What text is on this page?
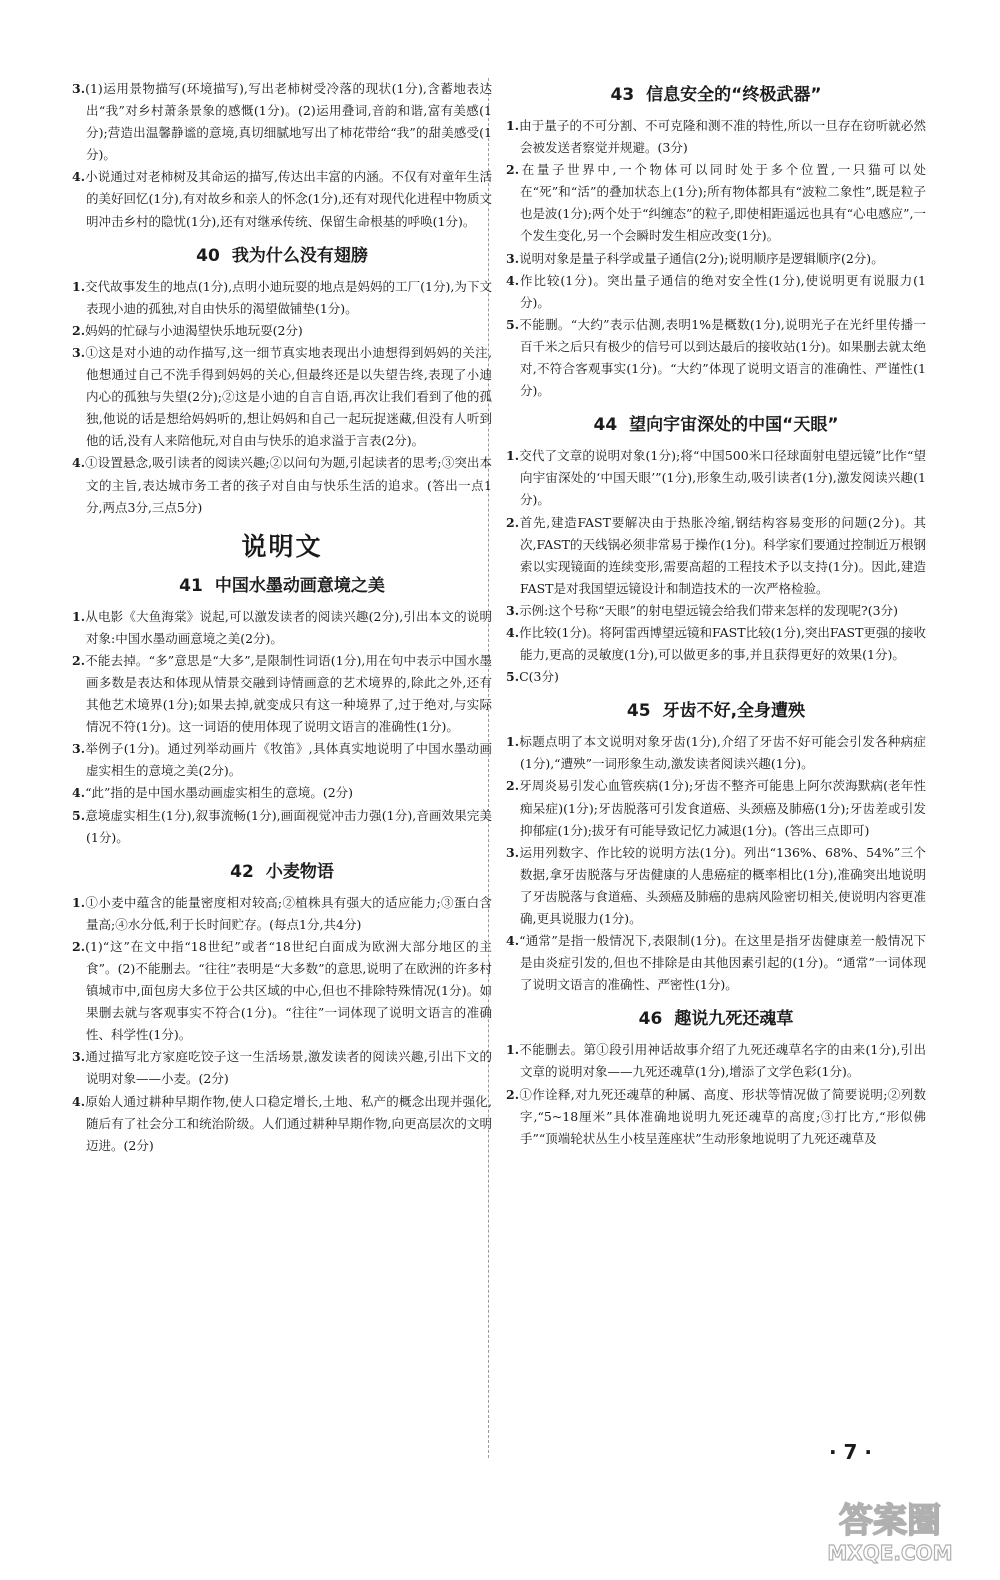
3.(1)运用景物描写(环境描写),写出老柿树受冷落的现状(1分),含蓄地表达出“我”对乡村萧条景象的感慨(1分)。(2)运用叠词,音韵和谐,富有美感(1分);营造出温馨静谧的意境,真切细腻地写出了柿花带给“我”的甜美感受(1分)。

4.小说通过对老柿树及其命运的描写,传达出丰富的内涵。不仅有对童年生活的美好回忆(1分),有对故乡和亲人的怀念(1分),还有对现代化进程中物质文明冲击乡村的隐忧(1分),还有对继承传统、保留生命根基的呼唤(1分)。

40 我为什么没有翅膀

1.交代故事发生的地点(1分),点明小迪玩耍的地点是妈妈的工厂(1分),为下文表现小迪的孤独,对自由快乐的渴望做铺垫(1分)。

2.妈妈的忙碌与小迪渴望快乐地玩耍(2分)

3.①这是对小迪的动作描写,这一细节真实地表现出小迪想得到妈妈的关注,他想通过自己不洗手得到妈妈的关心,但最终还是以失望告终,表现了小迪内心的孤独与失望(2分);②这是小迪的自言自语,再次让我们看到了他的孤独,他说的话是想给妈妈听的,想让妈妈和自己一起玩捉迷藏,但没有人听到他的话,没有人来陪他玩,对自由与快乐的追求溢于言表(2分)。

4.①设置悬念,吸引读者的阅读兴趣;②以问句为题,引起读者的思考;③突出本文的主旨,表达城市务工者的孩子对自由与快乐生活的追求。(答出一点1分,两点3分,三点5分)

说明文
41 中国水墨动画意境之美

1.从电影《大鱼海棠》说起,可以激发读者的阅读兴趣(2分),引出本文的说明对象:中国水墨动画意境之美(2分)。

2.不能去掉。“多”意思是“大多”,是限制性词语(1分),用在句中表示中国水墨画多数是表达和体现从情景交融到诗情画意的艺术境界的,除此之外,还有其他艺术境界(1分);如果去掉,就变成只有这一种境界了,过于绝对,与实际情况不符(1分)。这一词语的使用体现了说明文语言的准确性(1分)。

3.举例子(1分)。通过列举动画片《牧笛》,具体真实地说明了中国水墨动画虚实相生的意境之美(2分)。

4.“此”指的是中国水墨动画虚实相生的意境。(2分)

5.意境虚实相生(1分),叙事流畅(1分),画面视觉冲击力强(1分),音画效果完美(1分)。

42 小麦物语

1.①小麦中蕴含的能量密度相对较高;②植株具有强大的适应能力;③蛋白含量高;④水分低,利于长时间贮存。(每点1分,共4分)

2.(1)“这”在文中指“18世纪”或者“18世纪白面成为欧洲大部分地区的主食”。(2)不能删去。“往往”表明是“大多数”的意思,说明了在欧洲的许多村镇城市中,面包房大多位于公共区域的中心,但也不排除特殊情况(1分)。如果删去就与客观事实不符合(1分)。“往往”一词体现了说明文语言的准确性、科学性(1分)。

3.通过描写北方家庭吃饺子这一生活场景,激发读者的阅读兴趣,引出下文的说明对象——小麦。(2分)

4.原始人通过耕种早期作物,使人口稳定增长,土地、私产的概念出现并强化,随后有了社会分工和统治阶级。人们通过耕种早期作物,向更高层次的文明迈进。(2分)

43 信息安全的“终极武器”

1.由于量子的不可分割、不可克隆和测不准的特性,所以一旦存在窃听就必然会被发送者察觉并规避。(3分)

2.在量子世界中,一个物体可以同时处于多个位置,一只猫可以处在“死”和“活”的叠加状态上(1分);所有物体都具有“波粒二象性”,既是粒子也是波(1分);两个处于“纠缠态”的粒子,即使相距遥远也具有“心电感应”,一个发生变化,另一个会瞬时发生相应改变(1分)。

3.说明对象是量子科学或量子通信(2分);说明顺序是逻辑顺序(2分)。

4.作比较(1分)。突出量子通信的绝对安全性(1分),使说明更有说服力(1分)。

5.不能删。“大约”表示估测,表明1%是概数(1分),说明光子在光纤里传播一百千米之后只有极少的信号可以到达最后的接收站(1分)。如果删去就太绝对,不符合客观事实(1分)。“大约”体现了说明文语言的准确性、严谨性(1分)。

44 望向宇宙深处的中国“天眼”

1.交代了文章的说明对象(1分);将“中国500米口径球面射电望远镜”比作“望向宇宙深处的‘中国天眼’”(1分),形象生动,吸引读者(1分),激发阅读兴趣(1分)。

2.首先,建造FAST要解决由于热胀冷缩,钢结构容易变形的问题(2分)。其次,FAST的天线锅必须非常易于操作(1分)。科学家们要通过控制近万根钢索以实现镜面的连续变形,需要高超的工程技术予以支持(1分)。因此,建造FAST是对我国望远镜设计和制造技术的一次严格检验。

3.示例:这个号称“天眼”的射电望远镜会给我们带来怎样的发现呢?(3分)

4.作比较(1分)。将阿雷西博望远镜和FAST比较(1分),突出FAST更强的接收能力,更高的灵敏度(1分),可以做更多的事,并且获得更好的效果(1分)。

5.C(3分)

45 牙齿不好,全身遭殃

1.标题点明了本文说明对象牙齿(1分),介绍了牙齿不好可能会引发各种病症(1分),“遭殃”一词形象生动,激发读者阅读兴趣(1分)。

2.牙周炎易引发心血管疾病(1分);牙齿不整齐可能患上阿尔茨海默病(老年性痴呆症)(1分);牙齿脱落可引发食道癌、头颈癌及肺癌(1分);牙齿差或引发抑郁症(1分);拔牙有可能导致记忆力减退(1分)。(答出三点即可)

3.运用列数字、作比较的说明方法(1分)。列出“136%、68%、54%”三个数据,拿牙齿脱落与牙齿健康的人患癌症的概率相比(1分),准确突出地说明了牙齿脱落与食道癌、头颈癌及肺癌的患病风险密切相关,使说明内容更准确,更具说服力(1分)。

4.“通常”是指一般情况下,表限制(1分)。在这里是指牙齿健康差一般情况下是由炎症引发的,但也不排除是由其他因素引起的(1分)。“通常”一词体现了说明文语言的准确性、严密性(1分)。

46 趣说九死还魂草

1.不能删去。第①段引用神话故事介绍了九死还魂草名字的由来(1分),引出文章的说明对象——九死还魂草(1分),增添了文学色彩(1分)。

2.①作诠释,对九死还魂草的种属、高度、形状等情况做了简要说明;②列数字,“5~18厘米”具体准确地说明九死还魂草的高度;③打比方,“形似佛手”“顶端轮状丛生小枝呈莲座状”生动形象地说明了九死还魂草及

· 7 ·
答案圈
MXQE.COM
